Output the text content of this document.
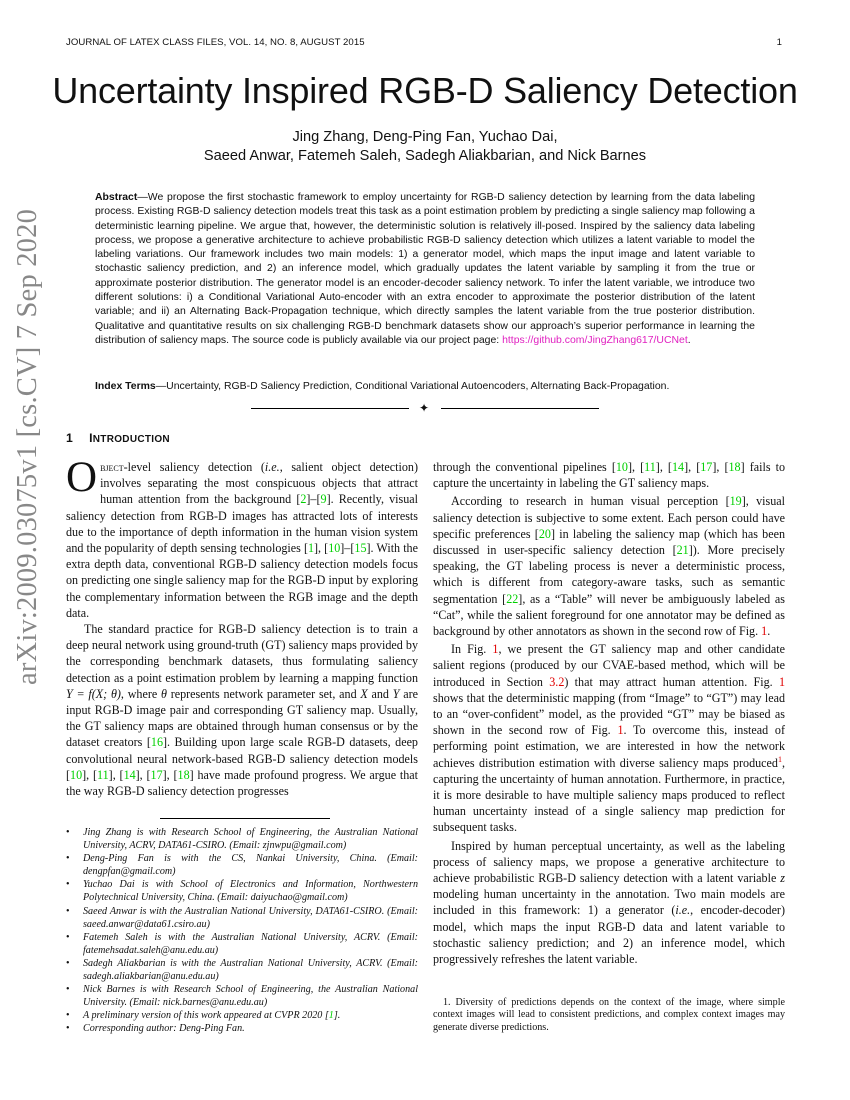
JOURNAL OF LATEX CLASS FILES, VOL. 14, NO. 8, AUGUST 2015	1
arXiv:2009.03075v1 [cs.CV] 7 Sep 2020
Uncertainty Inspired RGB-D Saliency Detection
Jing Zhang, Deng-Ping Fan, Yuchao Dai,
Saeed Anwar, Fatemeh Saleh, Sadegh Aliakbarian, and Nick Barnes
Abstract—We propose the first stochastic framework to employ uncertainty for RGB-D saliency detection by learning from the data labeling process. Existing RGB-D saliency detection models treat this task as a point estimation problem by predicting a single saliency map following a deterministic learning pipeline. We argue that, however, the deterministic solution is relatively ill-posed. Inspired by the saliency data labeling process, we propose a generative architecture to achieve probabilistic RGB-D saliency detection which utilizes a latent variable to model the labeling variations. Our framework includes two main models: 1) a generator model, which maps the input image and latent variable to stochastic saliency prediction, and 2) an inference model, which gradually updates the latent variable by sampling it from the true or approximate posterior distribution. The generator model is an encoder-decoder saliency network. To infer the latent variable, we introduce two different solutions: i) a Conditional Variational Auto-encoder with an extra encoder to approximate the posterior distribution of the latent variable; and ii) an Alternating Back-Propagation technique, which directly samples the latent variable from the true posterior distribution. Qualitative and quantitative results on six challenging RGB-D benchmark datasets show our approach’s superior performance in learning the distribution of saliency maps. The source code is publicly available via our project page: https://github.com/JingZhang617/UCNet.
Index Terms—Uncertainty, RGB-D Saliency Prediction, Conditional Variational Autoencoders, Alternating Back-Propagation.
✦
1 INTRODUCTION

Object-level saliency detection (i.e., salient object detection) involves separating the most conspicuous objects that attract human attention from the background [2]–[9]. Recently, visual saliency detection from RGB-D images has attracted lots of interests due to the importance of depth information in the human vision system and the popularity of depth sensing technologies [1], [10]–[15]. With the extra depth data, conventional RGB-D saliency detection models focus on predicting one single saliency map for the RGB-D input by exploring the complementary information between the RGB image and the depth data.

The standard practice for RGB-D saliency detection is to train a deep neural network using ground-truth (GT) saliency maps provided by the corresponding benchmark datasets, thus formulating saliency detection as a point estimation problem by learning a mapping function Y = f(X; θ), where θ represents network parameter set, and X and Y are input RGB-D image pair and corresponding GT saliency map. Usually, the GT saliency maps are obtained through human consensus or by the dataset creators [16]. Building upon large scale RGB-D datasets, deep convolutional neural network-based RGB-D saliency detection models [10], [11], [14], [17], [18] have made profound progress. We argue that the way RGB-D saliency detection progresses

• Jing Zhang is with Research School of Engineering, the Australian National University, ACRV, DATA61-CSIRO. (Email: zjnwpu@gmail.com)
• Deng-Ping Fan is with the CS, Nankai University, China. (Email: dengpfan@gmail.com)
• Yuchao Dai is with School of Electronics and Information, Northwestern Polytechnical University, China. (Email: daiyuchao@gmail.com)
• Saeed Anwar is with the Australian National University, DATA61-CSIRO. (Email: saeed.anwar@data61.csiro.au)
• Fatemeh Saleh is with the Australian National University, ACRV. (Email: fatemehsadat.saleh@anu.edu.au)
• Sadegh Aliakbarian is with the Australian National University, ACRV. (Email: sadegh.aliakbarian@anu.edu.au)
• Nick Barnes is with Research School of Engineering, the Australian National University. (Email: nick.barnes@anu.edu.au)
• A preliminary version of this work appeared at CVPR 2020 [1].
• Corresponding author: Deng-Ping Fan.

through the conventional pipelines [10], [11], [14], [17], [18] fails to capture the uncertainty in labeling the GT saliency maps.

According to research in human visual perception [19], visual saliency detection is subjective to some extent. Each person could have specific preferences [20] in labeling the saliency map (which has been discussed in user-specific saliency detection [21]). More precisely speaking, the GT labeling process is never a deterministic process, which is different from category-aware tasks, such as semantic segmentation [22], as a “Table” will never be ambiguously labeled as “Cat”, while the salient foreground for one annotator may be defined as background by other annotators as shown in the second row of Fig. 1.

In Fig. 1, we present the GT saliency map and other candidate salient regions (produced by our CVAE-based method, which will be introduced in Section 3.2) that may attract human attention. Fig. 1 shows that the deterministic mapping (from “Image” to “GT”) may lead to an “over-confident” model, as the provided “GT” may be biased as shown in the second row of Fig. 1. To overcome this, instead of performing point estimation, we are interested in how the network achieves distribution estimation with diverse saliency maps produced$^1$, capturing the uncertainty of human annotation. Furthermore, in practice, it is more desirable to have multiple saliency maps produced to reflect human uncertainty instead of a single saliency map prediction for subsequent tasks.

Inspired by human perceptual uncertainty, as well as the labeling process of saliency maps, we propose a generative architecture to achieve probabilistic RGB-D saliency detection with a latent variable z modeling human uncertainty in the annotation. Two main models are included in this framework: 1) a generator (i.e., encoder-decoder) model, which maps the input RGB-D data and latent variable to stochastic saliency prediction; and 2) an inference model, which progressively refreshes the latent variable.

1. Diversity of predictions depends on the context of the image, where simple context images will lead to consistent predictions, and complex context images may generate diverse predictions.
